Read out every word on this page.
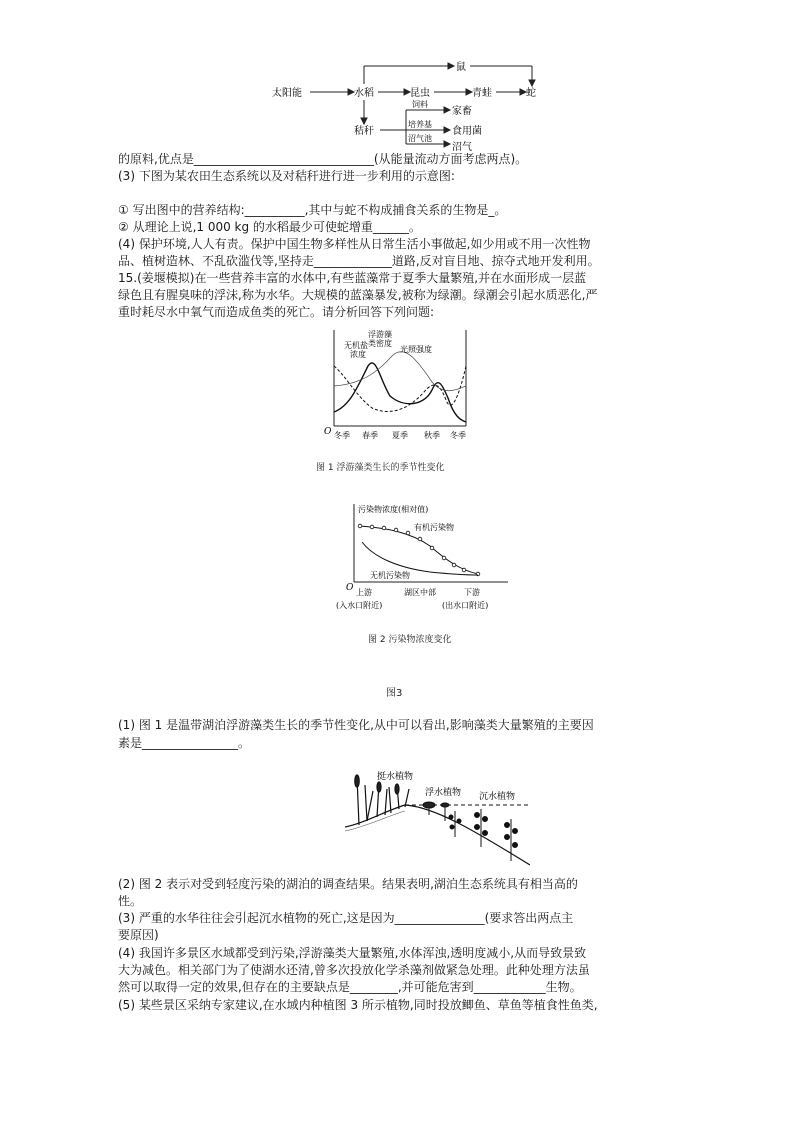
太阳能	水稻
鼠
昆虫	青蛙	蛇
秸秆
饲料
家畜
培养基
食用菌
沼气池
沼气
的原料,优点是______________________________(从能量流动方面考虑两点)。
(3) 下图为某农田生态系统以及对秸秆进行进一步利用的示意图:
① 写出图中的营养结构:__________,其中与蛇不构成捕食关系的生物是_。
② 从理论上说,1 000 kg 的水稻最少可使蛇增重______。
(4) 保护环境,人人有责。保护中国生物多样性从日常生活小事做起,如少用或不用一次性物
品、植树造林、不乱砍滥伐等,坚持走_____________道路,反对盲目地、掠夺式地开发利用。
15.(姜堰模拟)在一些营养丰富的水体中,有些蓝藻常于夏季大量繁殖,并在水面形成一层蓝
绿色且有腥臭味的浮沫,称为水华。大规模的蓝藻暴发,被称为绿潮。绿潮会引起水质恶化,严
重时耗尽水中氧气而造成鱼类的死亡。请分析回答下列问题:
无机盐
浓度
浮游藻
类密度
光照强度
O 冬季 春季 夏季 秋季 冬季
图 1 浮游藻类生长的季节性变化
污染物浓度(相对值)
有机污染物
无机污染物
O 上游	湖区中部	下游
(入水口附近)	(出水口附近)
图 2 污染物浓度变化
图3
(1) 图 1 是温带湖泊浮游藻类生长的季节性变化,从中可以看出,影响藻类大量繁殖的主要因
素是________________。
挺水植物
浮水植物 沉水植物
(2) 图 2 表示对受到轻度污染的湖泊的调查结果。结果表明,湖泊生态系统具有相当高的
性。
(3) 严重的水华往往会引起沉水植物的死亡,这是因为_______________(要求答出两点主
要原因)
(4) 我国许多景区水域都受到污染,浮游藻类大量繁殖,水体浑浊,透明度减小,从而导致景致
大为减色。相关部门为了使湖水还清,曾多次投放化学杀藻剂做紧急处理。此种处理方法虽
然可以取得一定的效果,但存在的主要缺点是________,并可能危害到____________生物。
(5) 某些景区采纳专家建议,在水域内种植图 3 所示植物,同时投放鲫鱼、草鱼等植食性鱼类,
